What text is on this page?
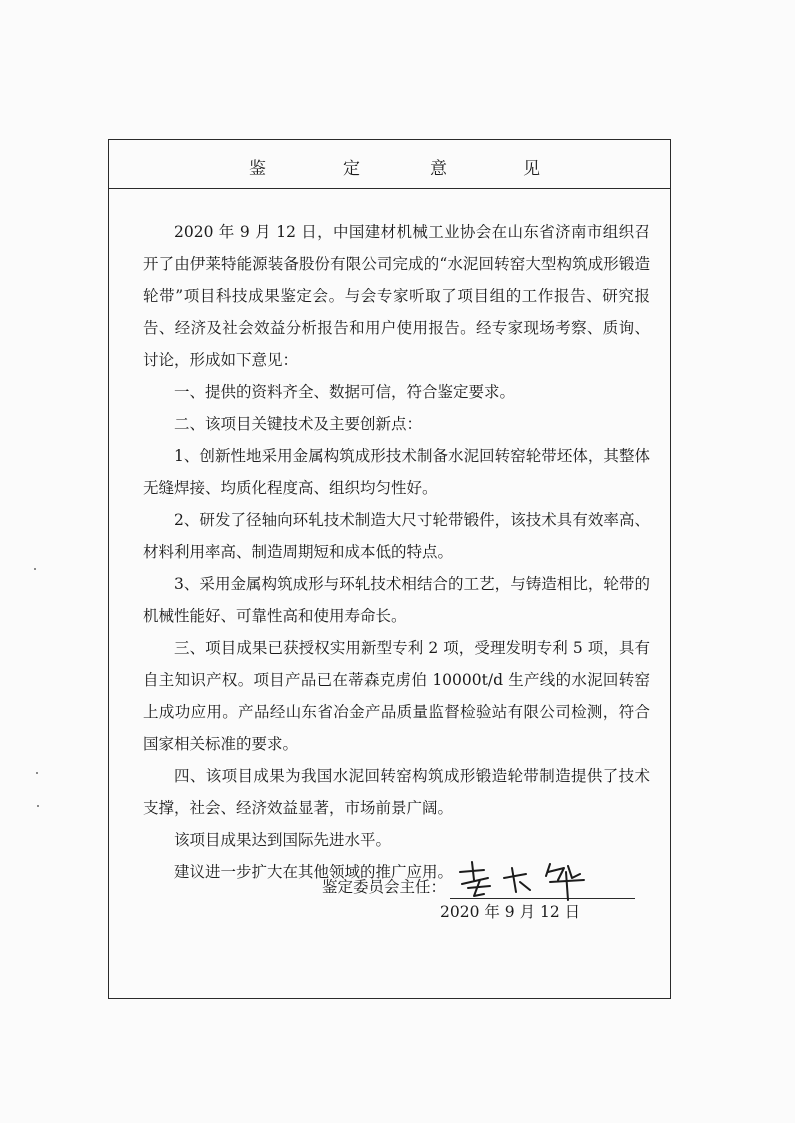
鉴	定	意	见

2020 年 9 月 12 日，中国建材机械工业协会在山东省济南市组织召开了由伊莱特能源装备股份有限公司完成的“水泥回转窑大型构筑成形锻造轮带”项目科技成果鉴定会。与会专家听取了项目组的工作报告、研究报告、经济及社会效益分析报告和用户使用报告。经专家现场考察、质询、讨论，形成如下意见：

一、提供的资料齐全、数据可信，符合鉴定要求。

二、该项目关键技术及主要创新点：

1、创新性地采用金属构筑成形技术制备水泥回转窑轮带坯体，其整体无缝焊接、均质化程度高、组织均匀性好。

2、研发了径轴向环轧技术制造大尺寸轮带锻件，该技术具有效率高、材料利用率高、制造周期短和成本低的特点。

3、采用金属构筑成形与环轧技术相结合的工艺，与铸造相比，轮带的机械性能好、可靠性高和使用寿命长。

三、项目成果已获授权实用新型专利 2 项，受理发明专利 5 项，具有自主知识产权。项目产品已在蒂森克虏伯 10000t/d 生产线的水泥回转窑上成功应用。产品经山东省冶金产品质量监督检验站有限公司检测，符合国家相关标准的要求。

四、该项目成果为我国水泥回转窑构筑成形锻造轮带制造提供了技术支撑，社会、经济效益显著，市场前景广阔。

该项目成果达到国际先进水平。

建议进一步扩大在其他领域的推广应用。

鉴定委员会主任：
2020 年 9 月 12 日
